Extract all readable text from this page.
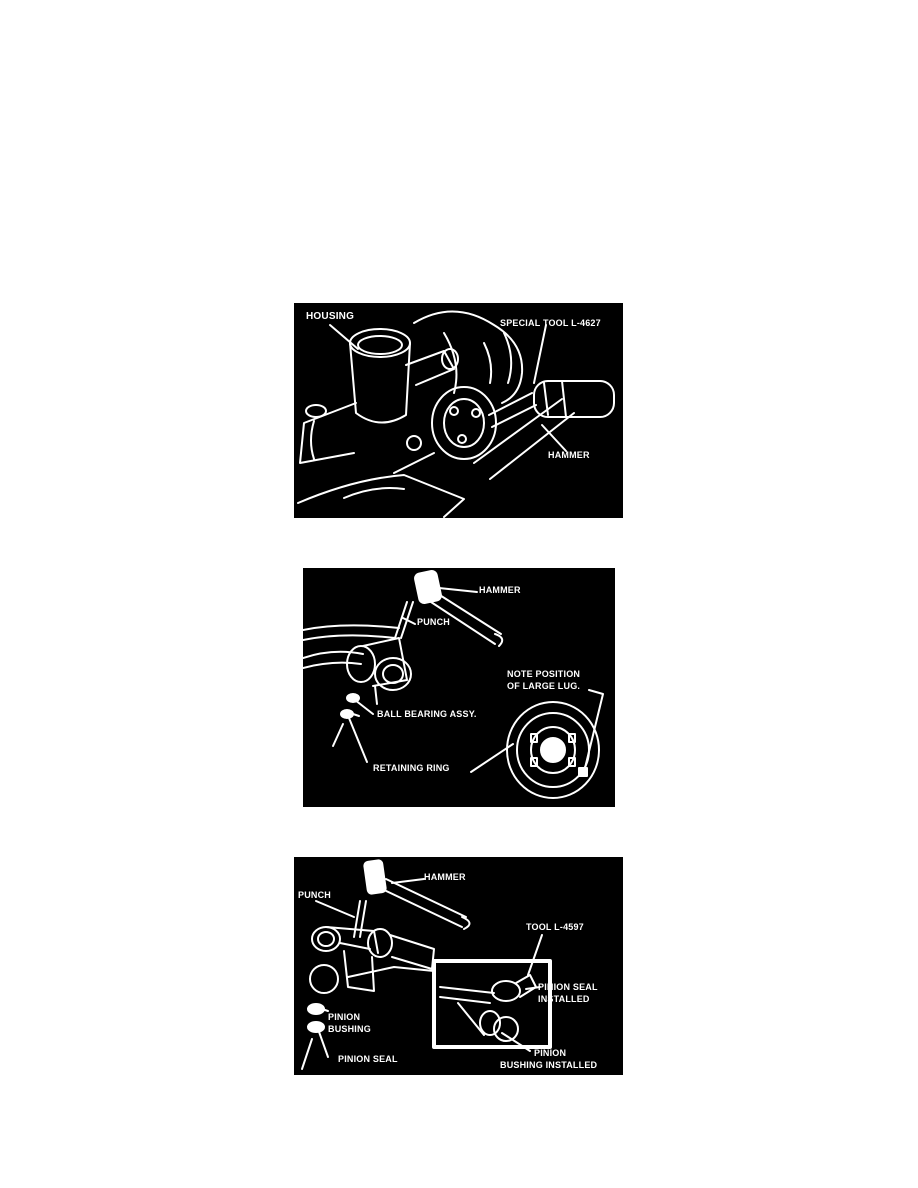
HOUSING
SPECIAL TOOL L-4627
HAMMER
HAMMER
PUNCH
NOTE POSITION
OF LARGE LUG.
BALL BEARING ASSY.
RETAINING RING
HAMMER
PUNCH
TOOL L-4597
PINION SEAL
INSTALLED
PINION
BUSHING
PINION SEAL
PINION
BUSHING INSTALLED
